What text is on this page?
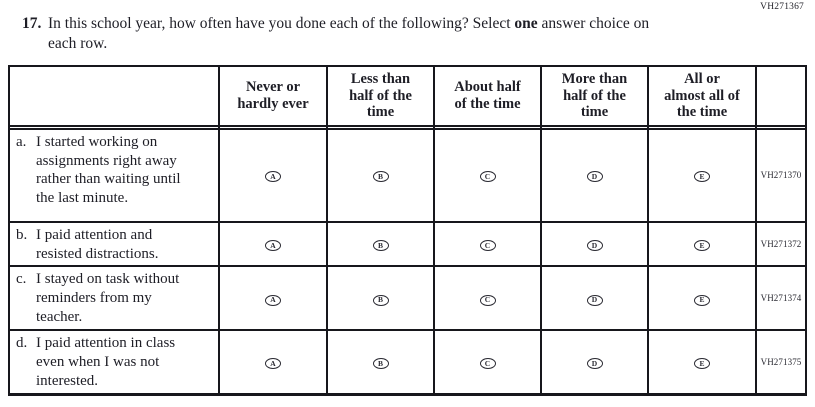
VH271367
17. In this school year, how often have you done each of the following? Select one answer choice on each row.

Never or
hardly ever

Less than
half of the
time

About half
of the time

More than
half of the
time

All or
almost all of
the time

a. I started working on assignments right away rather than waiting until the last minute.	A	B	C	D	E	VH271370
b. I paid attention and resisted distractions.	A	B	C	D	E	VH271372
c. I stayed on task without reminders from my teacher.	A	B	C	D	E	VH271374
d. I paid attention in class even when I was not interested.	A	B	C	D	E	VH271375
